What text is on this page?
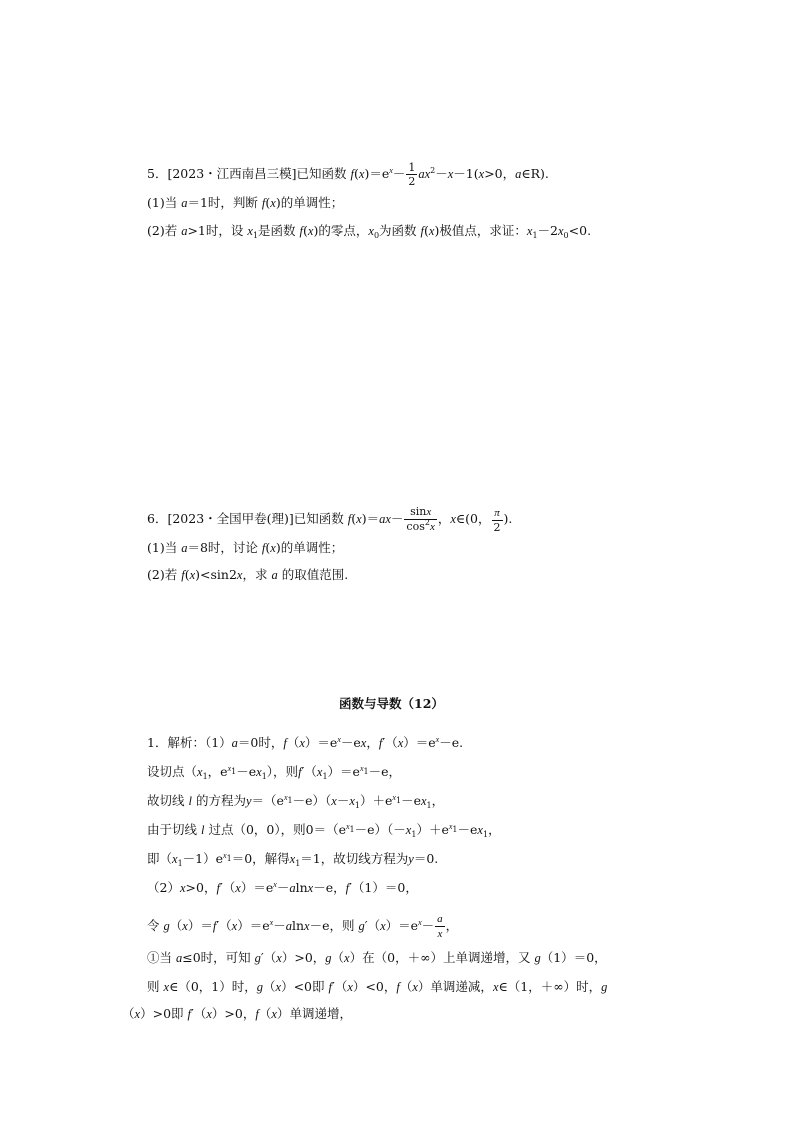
5．[2023・江西南昌三模]已知函数 $f(x)=e^x- \frac{1}{2} ax^2-x-1(x>0$，a∈R).
(1)当 a＝1时，判断 f(x)的单调性；
(2)若 a>1时，设 $x_1$是函数 f(x)的零点，$x_0$为函数 f(x)极值点，求证：$x_1-2x_0<0$.
6．[2023・全国甲卷(理)]已知函数 $f(x)=ax- \frac{\sin x}{\cos^2x}$ ，x∈(0， $\frac{\pi}{2}$ ).
(1)当 a＝8时，讨论 f(x)的单调性；
(2)若 f(x)<sin2x，求 a 的取值范围.
函数与导数（12）
1．解析：（1）a＝0时，$f(x)=e^x-ex$，$f'(x)=e^x-e$.
设切点（$x_1$，$e^{x_1}-ex_1$），则$f'(x_1)=e^{x_1}-e$，
故切线 l 的方程为$y=(e^{x_1}-e)(x-x_1)+e^{x_1}-ex_1$，
由于切线 l 过点（0，0），则$0=(e^{x_1}-e)(-x_1)+e^{x_1}-ex_1$，
即$(x_1-1)e^{x_1}=0$，解得$x_1=1$，故切线方程为y＝0.
（2）x>0，$f'(x)=e^x-alnx-e$，f′（1）＝0，
令 $g(x)=f'(x)=e^x-alnx-e$，则 $g'(x)=e^x- \frac{a}{x}$ ，
①当 a≤0时，可知 g′（x）>0，g（x）在（0，＋∞）上单调递增，又 g（1）＝0，
则 x∈（0，1）时，g（x）<0即 f′（x）<0，f（x）单调递减，x∈（1，＋∞）时，g
（x）>0即 f′（x）>0，f（x）单调递增，
